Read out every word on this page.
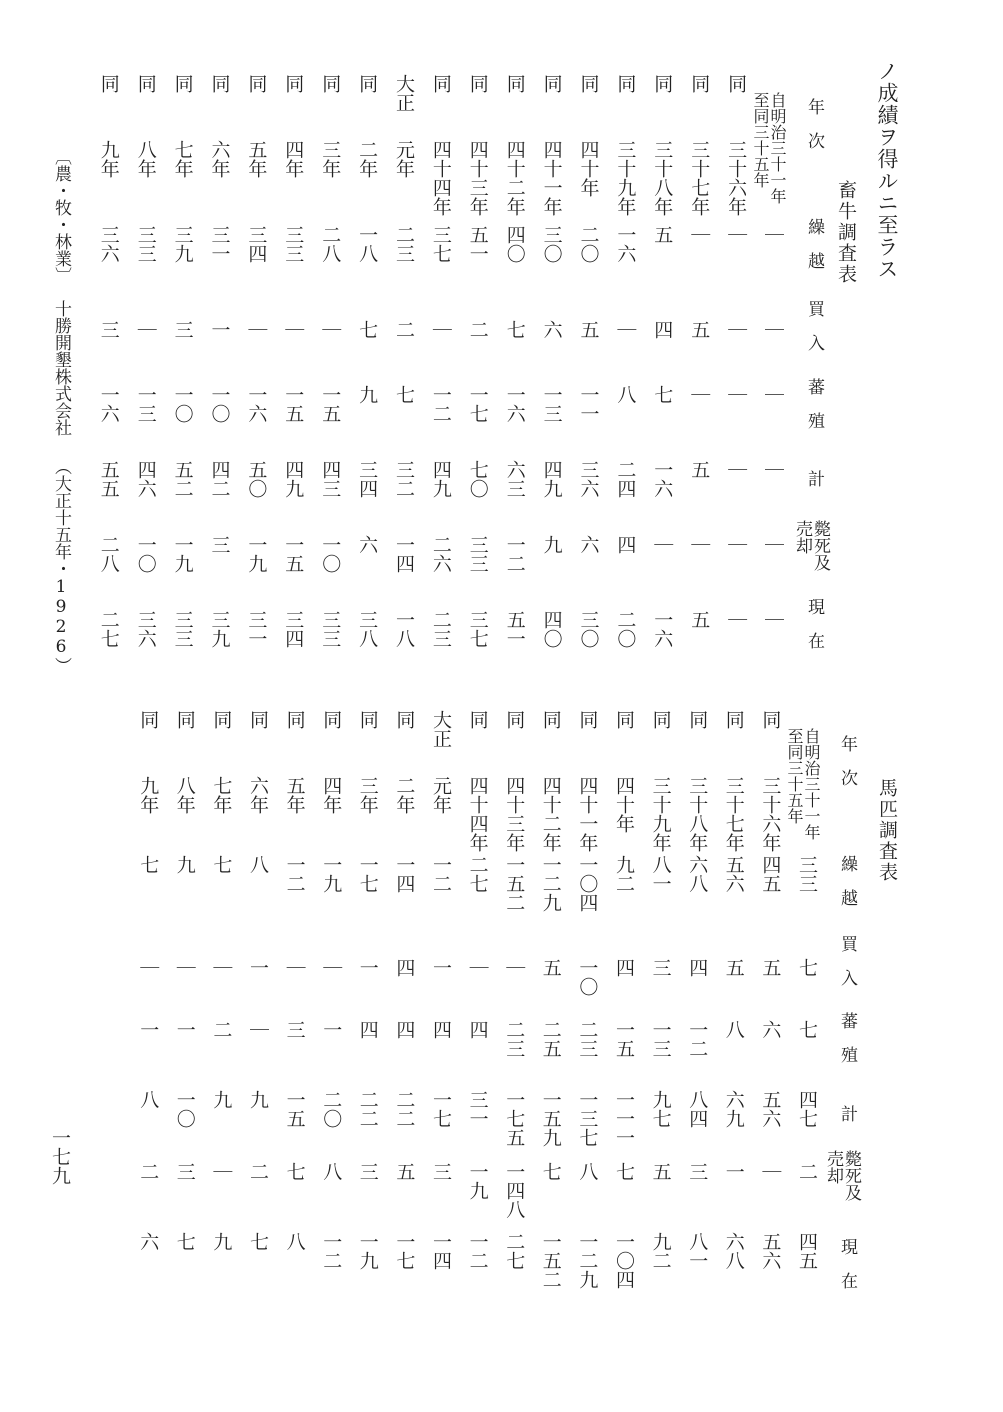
ノ成績ヲ得ルニ至ラス
畜牛調査表
年　次
繰　越
買　入
蕃　殖
計
斃死及
売却
現　在
自明治三十一年
至同三十五年
｜
｜
｜
｜
｜
｜
同
三十六年
｜
｜
｜
｜
｜
｜
同
三十七年
｜
五
｜
五
｜
五
同
三十八年
五
四
七
一六
｜
一六
同
三十九年
一六
｜
八
二四
四
二〇
同
四十年
二〇
五
一一
三六
六
三〇
同
四十一年
三〇
六
一三
四九
九
四〇
同
四十二年
四〇
七
一六
六三
一二
五一
同
四十三年
五一
二
一七
七〇
三三
三七
同
四十四年
三七
｜
一二
四九
二六
二三
大正
元年
二三
二
七
三二
一四
一八
同
二年
一八
七
九
三四
六
三八
同
三年
二八
｜
一五
四三
一〇
三三
同
四年
三三
｜
一五
四九
一五
三四
同
五年
三四
｜
一六
五〇
一九
三一
同
六年
三一
一
一〇
四二
三
三九
同
七年
三九
三
一〇
五二
一九
三三
同
八年
三三
｜
一三
四六
一〇
三六
同
九年
三六
三
一六
五五
二八
二七
馬匹調査表
年　次
繰　越
買　入
蕃　殖
計
斃死及
売却
現　在
自明治三十一年
至同三十五年
三三
七
七
四七
二
四五
同
三十六年
四五
五
六
五六
｜
五六
同
三十七年
五六
五
八
六九
一
六八
同
三十八年
六八
四
一二
八四
三
八一
同
三十九年
八一
三
一三
九七
五
九二
同
四十年
九二
四
一五
一一一
七
一〇四
同
四十一年
一〇四
一〇
二三
一三七
八
一二九
同
四十二年
一二九
五
二五
一五九
七
一五二
同
四十三年
一五二
｜
二三
一七五
一四八
二七
同
四十四年
二七
｜
四
三一
一九
一二
大正
元年
一二
一
四
一七
三
一四
同
二年
一四
四
四
二二
五
一七
同
三年
一七
一
四
二二
三
一九
同
四年
一九
｜
一
二〇
八
一二
同
五年
一二
｜
三
一五
七
八
同
六年
八
一
｜
九
二
七
同
七年
七
｜
二
九
｜
九
同
八年
九
｜
一
一〇
三
七
同
九年
七
｜
一
八
二
六
〔農・牧・林業〕
十勝開墾株式会社
（大正十五年・1926）
一七九
